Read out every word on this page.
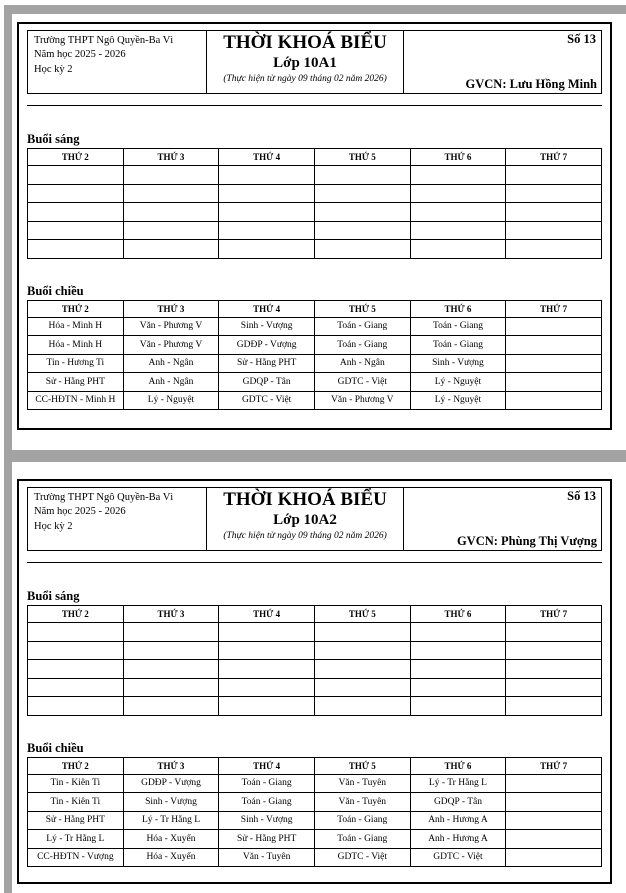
Trường THPT Ngô Quyền-Ba Vì
Năm học 2025 - 2026
Học kỳ 2
THỜI KHOÁ BIỂU
Lớp 10A1
(Thực hiện từ ngày 09 tháng 02 năm 2026)
Số 13
GVCN: Lưu Hồng Minh
Buổi sáng
THỨ 2	THỨ 3	THỨ 4	THỨ 5	THỨ 6	THỨ 7

Buổi chiều
THỨ 2	THỨ 3	THỨ 4	THỨ 5	THỨ 6	THỨ 7
Hóa - Minh H	Văn - Phương V	Sinh - Vượng	Toán - Giang	Toán - Giang	
Hóa - Minh H	Văn - Phương V	GDĐP - Vượng	Toán - Giang	Toán - Giang	
Tin - Hương Ti	Anh - Ngân	Sử - Hằng PHT	Anh - Ngân	Sinh - Vượng	
Sử - Hằng PHT	Anh - Ngân	GDQP - Tân	GDTC - Việt	Lý - Nguyệt	
CC-HĐTN - Minh H	Lý - Nguyệt	GDTC - Việt	Văn - Phương V	Lý - Nguyệt	
Trường THPT Ngô Quyền-Ba Vì
Năm học 2025 - 2026
Học kỳ 2
THỜI KHOÁ BIỂU
Lớp 10A2
(Thực hiện từ ngày 09 tháng 02 năm 2026)
Số 13
GVCN: Phùng Thị Vượng
Buổi sáng
THỨ 2	THỨ 3	THỨ 4	THỨ 5	THỨ 6	THỨ 7

Buổi chiều
THỨ 2	THỨ 3	THỨ 4	THỨ 5	THỨ 6	THỨ 7
Tin - Kiên Ti	GDĐP - Vượng	Toán - Giang	Văn - Tuyên	Lý - Tr Hằng L	
Tin - Kiên Ti	Sinh - Vượng	Toán - Giang	Văn - Tuyên	GDQP - Tân	
Sử - Hằng PHT	Lý - Tr Hằng L	Sinh - Vượng	Toán - Giang	Anh - Hương A	
Lý - Tr Hằng L	Hóa - Xuyến	Sử - Hằng PHT	Toán - Giang	Anh - Hương A	
CC-HĐTN - Vượng	Hóa - Xuyến	Văn - Tuyên	GDTC - Việt	GDTC - Việt	
